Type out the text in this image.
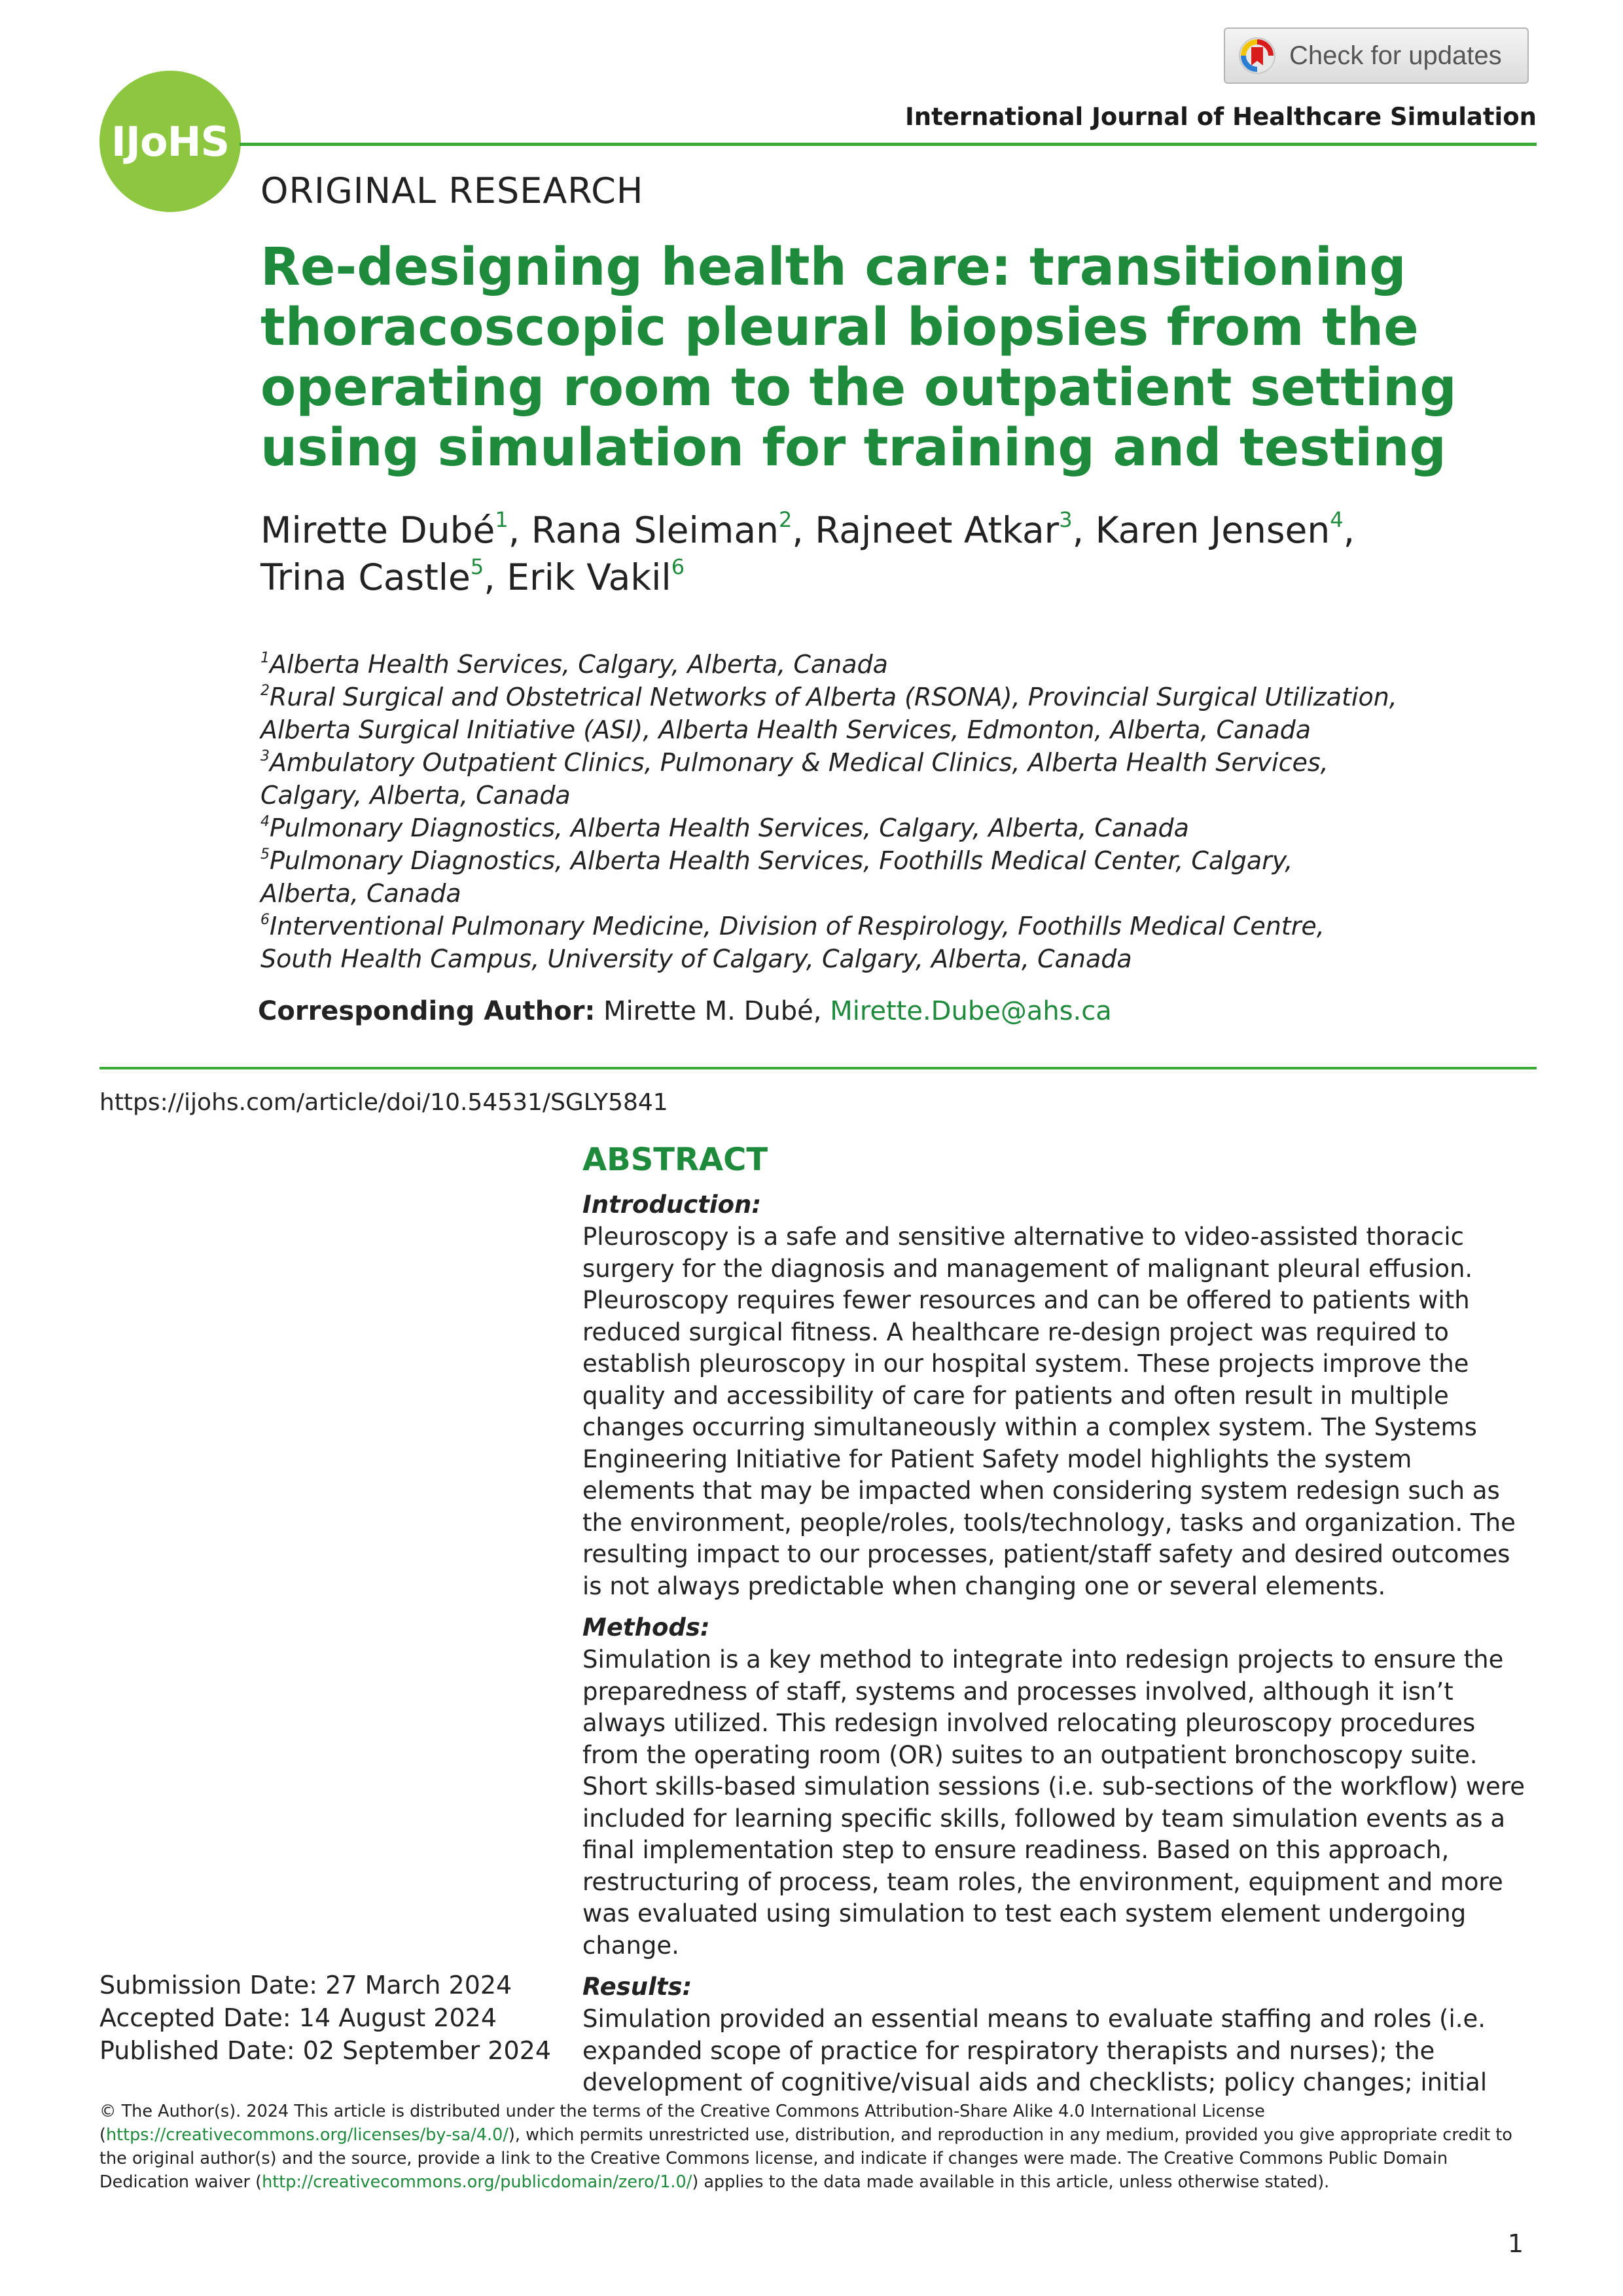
Check for updates
IJoHS
International Journal of Healthcare Simulation
ORIGINAL RESEARCH
Re-designing health care: transitioning thoracoscopic pleural biopsies from the operating room to the outpatient setting using simulation for training and testing
Mirette Dubé$^1$, Rana Sleiman$^2$, Rajneet Atkar$^3$, Karen Jensen$^4$,
Trina Castle$^5$, Erik Vakil$^6$
$^1$Alberta Health Services, Calgary, Alberta, Canada
$^2$Rural Surgical and Obstetrical Networks of Alberta (RSONA), Provincial Surgical Utilization,
Alberta Surgical Initiative (ASI), Alberta Health Services, Edmonton, Alberta, Canada
$^3$Ambulatory Outpatient Clinics, Pulmonary & Medical Clinics, Alberta Health Services,
Calgary, Alberta, Canada
$^4$Pulmonary Diagnostics, Alberta Health Services, Calgary, Alberta, Canada
$^5$Pulmonary Diagnostics, Alberta Health Services, Foothills Medical Center, Calgary,
Alberta, Canada
$^6$Interventional Pulmonary Medicine, Division of Respirology, Foothills Medical Centre,
South Health Campus, University of Calgary, Calgary, Alberta, Canada
Corresponding Author: Mirette M. Dubé, Mirette.Dube@ahs.ca
https://ijohs.com/article/doi/10.54531/SGLY5841
Submission Date: 27 March 2024
Accepted Date: 14 August 2024
Published Date: 02 September 2024
ABSTRACT
Introduction:

Pleuroscopy is a safe and sensitive alternative to video-assisted thoracic surgery for the diagnosis and management of malignant pleural effusion. Pleuroscopy requires fewer resources and can be offered to patients with reduced surgical fitness. A healthcare re-design project was required to establish pleuroscopy in our hospital system. These projects improve the quality and accessibility of care for patients and often result in multiple changes occurring simultaneously within a complex system. The Systems Engineering Initiative for Patient Safety model highlights the system elements that may be impacted when considering system redesign such as the environment, people/roles, tools/technology, tasks and organization. The resulting impact to our processes, patient/staff safety and desired outcomes is not always predictable when changing one or several elements.

Methods:

Simulation is a key method to integrate into redesign projects to ensure the preparedness of staff, systems and processes involved, although it isn’t always utilized. This redesign involved relocating pleuroscopy procedures from the operating room (OR) suites to an outpatient bronchoscopy suite. Short skills-based simulation sessions (i.e. sub-sections of the workflow) were included for learning specific skills, followed by team simulation events as a final implementation step to ensure readiness. Based on this approach, restructuring of process, team roles, the environment, equipment and more was evaluated using simulation to test each system element undergoing change.

Results:

Simulation provided an essential means to evaluate staffing and roles (i.e. expanded scope of practice for respiratory therapists and nurses); the development of cognitive/visual aids and checklists; policy changes; initial

© The Author(s). 2024 This article is distributed under the terms of the Creative Commons Attribution-Share Alike 4.0 International License (https://creativecommons.org/licenses/by-sa/4.0/), which permits unrestricted use, distribution, and reproduction in any medium, provided you give appropriate credit to the original author(s) and the source, provide a link to the Creative Commons license, and indicate if changes were made. The Creative Commons Public Domain Dedication waiver (http://creativecommons.org/publicdomain/zero/1.0/) applies to the data made available in this article, unless otherwise stated).
1
